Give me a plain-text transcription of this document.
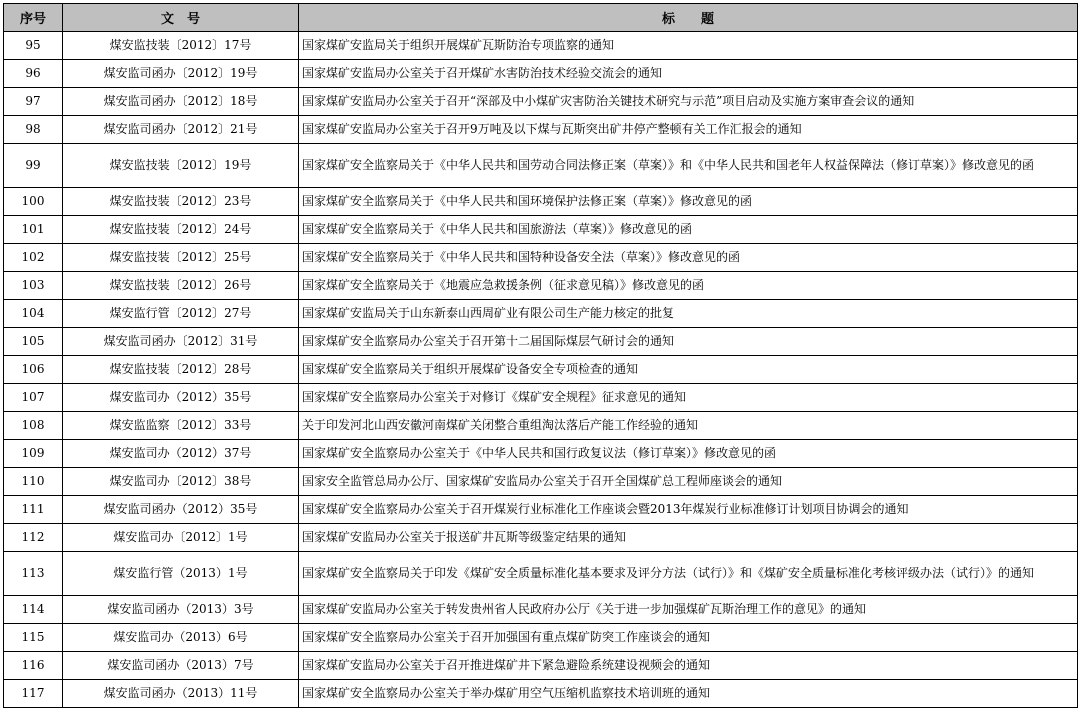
序号	文　号	标　　题
95	煤安监技装〔2012〕17号	国家煤矿安监局关于组织开展煤矿瓦斯防治专项监察的通知
96	煤安监司函办〔2012〕19号	国家煤矿安监局办公室关于召开煤矿水害防治技术经验交流会的通知
97	煤安监司函办〔2012〕18号	国家煤矿安监局办公室关于召开“深部及中小煤矿灾害防治关键技术研究与示范”项目启动及实施方案审查会议的通知
98	煤安监司函办〔2012〕21号	国家煤矿安监局办公室关于召开9万吨及以下煤与瓦斯突出矿井停产整顿有关工作汇报会的通知
99	煤安监技装〔2012〕19号	国家煤矿安全监察局关于《中华人民共和国劳动合同法修正案（草案）》和《中华人民共和国老年人权益保障法（修订草案）》修改意见的函
100	煤安监技装〔2012〕23号	国家煤矿安全监察局关于《中华人民共和国环境保护法修正案（草案）》修改意见的函
101	煤安监技装〔2012〕24号	国家煤矿安全监察局关于《中华人民共和国旅游法（草案）》修改意见的函
102	煤安监技装〔2012〕25号	国家煤矿安全监察局关于《中华人民共和国特种设备安全法（草案）》修改意见的函
103	煤安监技装〔2012〕26号	国家煤矿安全监察局关于《地震应急救援条例（征求意见稿）》修改意见的函
104	煤安监行管〔2012〕27号	国家煤矿安监局关于山东新泰山西周矿业有限公司生产能力核定的批复
105	煤安监司函办〔2012〕31号	国家煤矿安全监察局办公室关于召开第十二届国际煤层气研讨会的通知
106	煤安监技装〔2012〕28号	国家煤矿安全监察局关于组织开展煤矿设备安全专项检查的通知
107	煤安监司办（2012）35号	国家煤矿安全监察局办公室关于对修订《煤矿安全规程》征求意见的通知
108	煤安监监察〔2012〕33号	关于印发河北山西安徽河南煤矿关闭整合重组淘汰落后产能工作经验的通知
109	煤安监司办（2012）37号	国家煤矿安全监察局办公室关于《中华人民共和国行政复议法（修订草案）》修改意见的函
110	煤安监司办〔2012〕38号	国家安全监管总局办公厅、国家煤矿安监局办公室关于召开全国煤矿总工程师座谈会的通知
111	煤安监司函办（2012）35号	国家煤矿安全监察局办公室关于召开煤炭行业标准化工作座谈会暨2013年煤炭行业标准修订计划项目协调会的通知
112	煤安监司办〔2012〕1号	国家煤矿安监局办公室关于报送矿井瓦斯等级鉴定结果的通知
113	煤安监行管（2013）1号	国家煤矿安全监察局关于印发《煤矿安全质量标准化基本要求及评分方法（试行）》和《煤矿安全质量标准化考核评级办法（试行）》的通知
114	煤安监司函办（2013）3号	国家煤矿安监局办公室关于转发贵州省人民政府办公厅《关于进一步加强煤矿瓦斯治理工作的意见》的通知
115	煤安监司办（2013）6号	国家煤矿安全监察局办公室关于召开加强国有重点煤矿防突工作座谈会的通知
116	煤安监司函办（2013）7号	国家煤矿安监局办公室关于召开推进煤矿井下紧急避险系统建设视频会的通知
117	煤安监司函办（2013）11号	国家煤矿安全监察局办公室关于举办煤矿用空气压缩机监察技术培训班的通知
